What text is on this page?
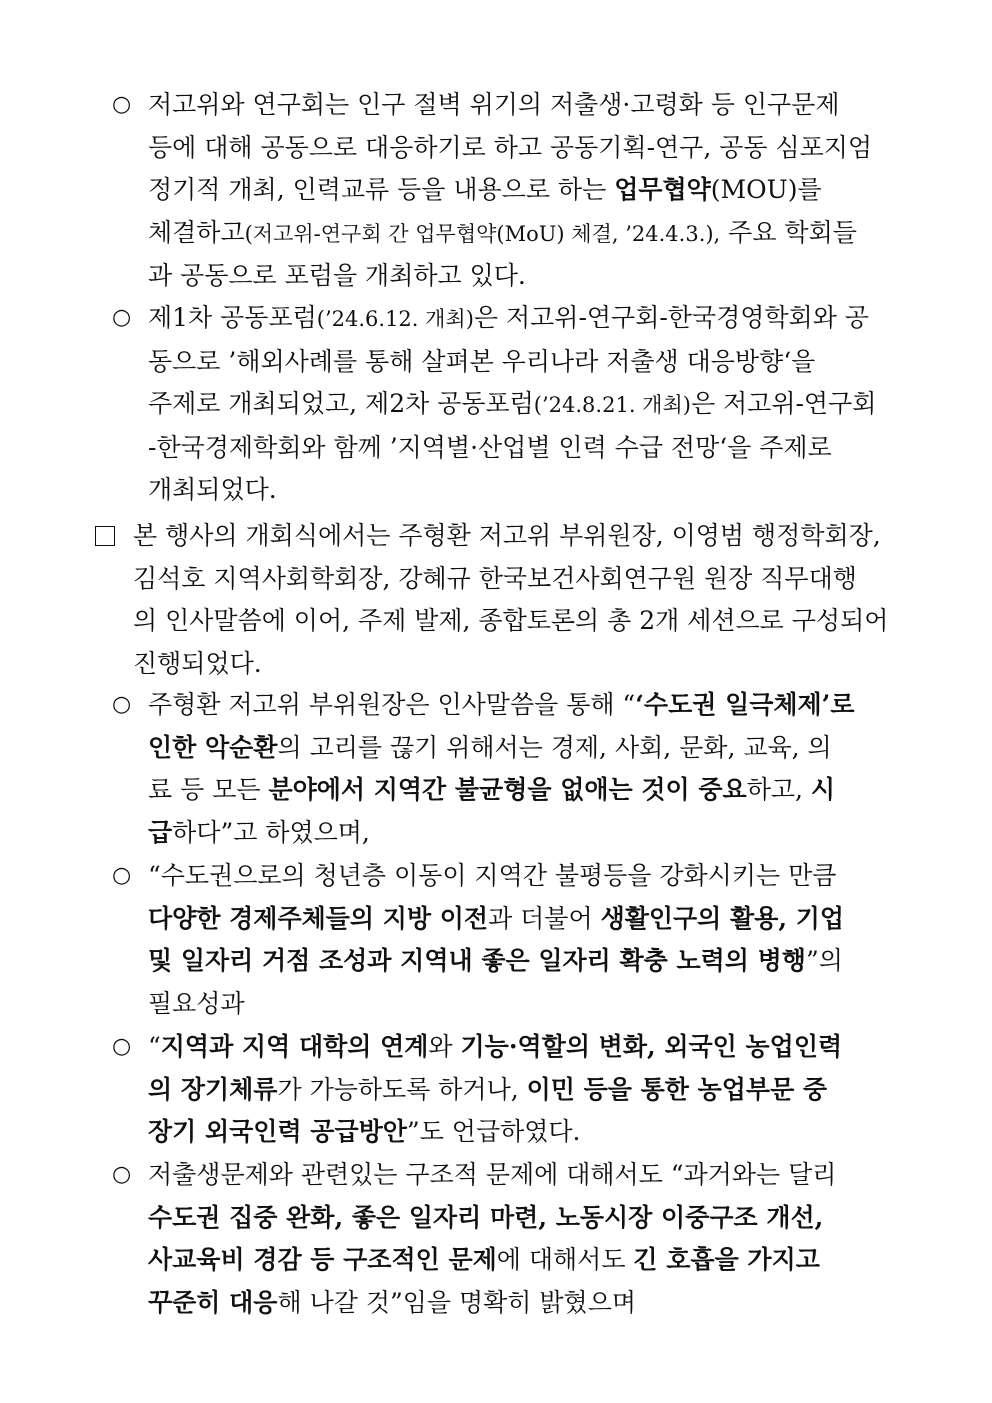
○ 저고위와 연구회는 인구 절벽 위기의 저출생·고령화 등 인구문제
등에 대해 공동으로 대응하기로 하고 공동기획-연구, 공동 심포지엄
정기적 개최, 인력교류 등을 내용으로 하는 업무협약(MOU)를
체결하고(저고위-연구회 간 업무협약(MoU) 체결, ’24.4.3.), 주요 학회들
과 공동으로 포럼을 개최하고 있다.
○ 제1차 공동포럼(’24.6.12. 개최)은 저고위-연구회-한국경영학회와 공
동으로 ’해외사례를 통해 살펴본 우리나라 저출생 대응방향‘을
주제로 개최되었고, 제2차 공동포럼(’24.8.21. 개최)은 저고위-연구회
-한국경제학회와 함께 ’지역별·산업별 인력 수급 전망‘을 주제로
개최되었다.
본 행사의 개회식에서는 주형환 저고위 부위원장, 이영범 행정학회장,
김석호 지역사회학회장, 강혜규 한국보건사회연구원 원장 직무대행
의 인사말씀에 이어, 주제 발제, 종합토론의 총 2개 세션으로 구성되어
진행되었다.
○ 주형환 저고위 부위원장은 인사말씀을 통해 “‘수도권 일극체제’로
인한 악순환의 고리를 끊기 위해서는 경제, 사회, 문화, 교육, 의
료 등 모든 분야에서 지역간 불균형을 없애는 것이 중요하고, 시
급하다”고 하였으며,
○ “수도권으로의 청년층 이동이 지역간 불평등을 강화시키는 만큼
다양한 경제주체들의 지방 이전과 더불어 생활인구의 활용, 기업
및 일자리 거점 조성과 지역내 좋은 일자리 확충 노력의 병행”의
필요성과
○ “지역과 지역 대학의 연계와 기능·역할의 변화, 외국인 농업인력
의 장기체류가 가능하도록 하거나, 이민 등을 통한 농업부문 중
장기 외국인력 공급방안”도 언급하였다.
○ 저출생문제와 관련있는 구조적 문제에 대해서도 “과거와는 달리
수도권 집중 완화, 좋은 일자리 마련, 노동시장 이중구조 개선,
사교육비 경감 등 구조적인 문제에 대해서도 긴 호흡을 가지고
꾸준히 대응해 나갈 것”임을 명확히 밝혔으며
